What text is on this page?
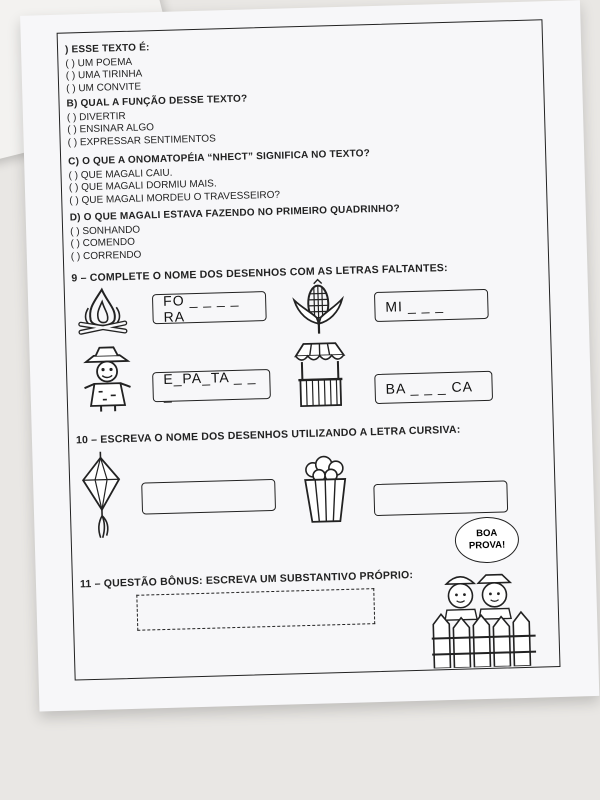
) ESSE TEXTO É:
( ) UM POEMA
( ) UMA TIRINHA
( ) UM CONVITE
B) QUAL A FUNÇÃO DESSE TEXTO?
( ) DIVERTIR
( ) ENSINAR ALGO
( ) EXPRESSAR SENTIMENTOS
C) O QUE A ONOMATOPÉIA “NHECT” SIGNIFICA NO TEXTO?
( ) QUE MAGALI CAIU.
( ) QUE MAGALI DORMIU MAIS.
( ) QUE MAGALI MORDEU O TRAVESSEIRO?
D) O QUE MAGALI ESTAVA FAZENDO NO PRIMEIRO QUADRINHO?
( ) SONHANDO
( ) COMENDO
( ) CORRENDO
9 – COMPLETE O NOME DOS DESENHOS COM AS LETRAS FALTANTES:
FO _ _ _ _ RA
MI _ _ _
E_PA_TA _ _ _	BA _ _ _ CA
10 – ESCREVA O NOME DOS DESENHOS UTILIZANDO A LETRA CURSIVA:
BOA
PROVA!
11 – QUESTÃO BÔNUS: ESCREVA UM SUBSTANTIVO PRÓPRIO:
